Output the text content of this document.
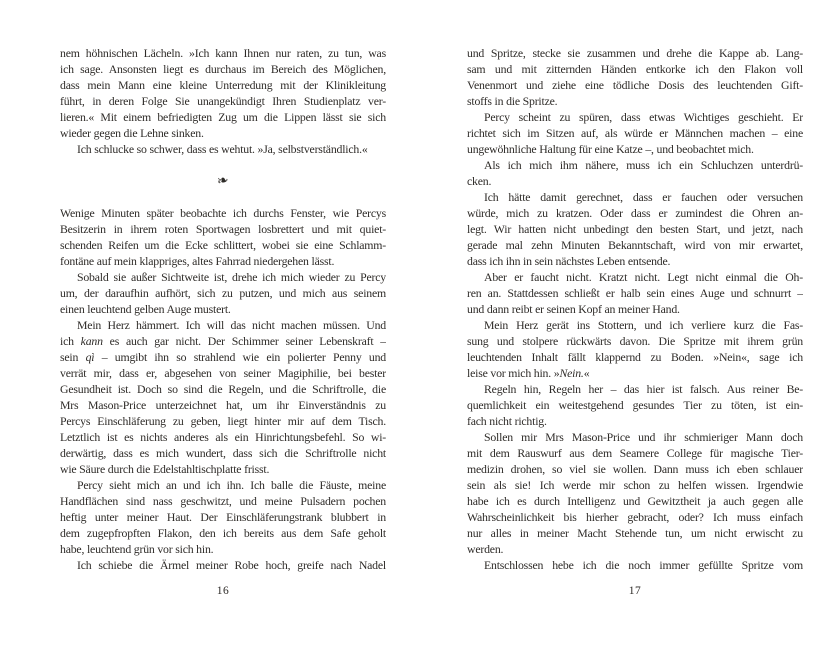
nem höhnischen Lächeln. »Ich kann Ihnen nur raten, zu tun, was
ich sage. Ansonsten liegt es durchaus im Bereich des Möglichen,
dass mein Mann eine kleine Unterredung mit der Klinikleitung
führt, in deren Folge Sie unangekündigt Ihren Studienplatz ver-
lieren.« Mit einem befriedigten Zug um die Lippen lässt sie sich
wieder gegen die Lehne sinken.
Ich schlucke so schwer, dass es wehtut. »Ja, selbstverständlich.«
❧
Wenige Minuten später beobachte ich durchs Fenster, wie Percys
Besitzerin in ihrem roten Sportwagen losbrettert und mit quiet-
schenden Reifen um die Ecke schlittert, wobei sie eine Schlamm-
fontäne auf mein klappriges, altes Fahrrad niedergehen lässt.
Sobald sie außer Sichtweite ist, drehe ich mich wieder zu Percy
um, der daraufhin aufhört, sich zu putzen, und mich aus seinem
einen leuchtend gelben Auge mustert.
Mein Herz hämmert. Ich will das nicht machen müssen. Und
ich kann es auch gar nicht. Der Schimmer seiner Lebenskraft –
sein qì – umgibt ihn so strahlend wie ein polierter Penny und
verrät mir, dass er, abgesehen von seiner Magiphilie, bei bester
Gesundheit ist. Doch so sind die Regeln, und die Schriftrolle, die
Mrs Mason-Price unterzeichnet hat, um ihr Einverständnis zu
Percys Einschläferung zu geben, liegt hinter mir auf dem Tisch.
Letztlich ist es nichts anderes als ein Hinrichtungsbefehl. So wi-
derwärtig, dass es mich wundert, dass sich die Schriftrolle nicht
wie Säure durch die Edelstahltischplatte frisst.
Percy sieht mich an und ich ihn. Ich balle die Fäuste, meine
Handflächen sind nass geschwitzt, und meine Pulsadern pochen
heftig unter meiner Haut. Der Einschläferungstrank blubbert in
dem zugepfropften Flakon, den ich bereits aus dem Safe geholt
habe, leuchtend grün vor sich hin.
Ich schiebe die Ärmel meiner Robe hoch, greife nach Nadel
16
und Spritze, stecke sie zusammen und drehe die Kappe ab. Lang-
sam und mit zitternden Händen entkorke ich den Flakon voll
Venenmort und ziehe eine tödliche Dosis des leuchtenden Gift-
stoffs in die Spritze.
Percy scheint zu spüren, dass etwas Wichtiges geschieht. Er
richtet sich im Sitzen auf, als würde er Männchen machen – eine
ungewöhnliche Haltung für eine Katze –, und beobachtet mich.
Als ich mich ihm nähere, muss ich ein Schluchzen unterdrü-
cken.
Ich hätte damit gerechnet, dass er fauchen oder versuchen
würde, mich zu kratzen. Oder dass er zumindest die Ohren an-
legt. Wir hatten nicht unbedingt den besten Start, und jetzt, nach
gerade mal zehn Minuten Bekanntschaft, wird von mir erwartet,
dass ich ihn in sein nächstes Leben entsende.
Aber er faucht nicht. Kratzt nicht. Legt nicht einmal die Oh-
ren an. Stattdessen schließt er halb sein eines Auge und schnurrt –
und dann reibt er seinen Kopf an meiner Hand.
Mein Herz gerät ins Stottern, und ich verliere kurz die Fas-
sung und stolpere rückwärts davon. Die Spritze mit ihrem grün
leuchtenden Inhalt fällt klappernd zu Boden. »Nein«, sage ich
leise vor mich hin. »Nein.«
Regeln hin, Regeln her – das hier ist falsch. Aus reiner Be-
quemlichkeit ein weitestgehend gesundes Tier zu töten, ist ein-
fach nicht richtig.
Sollen mir Mrs Mason-Price und ihr schmieriger Mann doch
mit dem Rauswurf aus dem Seamere College für magische Tier-
medizin drohen, so viel sie wollen. Dann muss ich eben schlauer
sein als sie! Ich werde mir schon zu helfen wissen. Irgendwie
habe ich es durch Intelligenz und Gewitztheit ja auch gegen alle
Wahrscheinlichkeit bis hierher gebracht, oder? Ich muss einfach
nur alles in meiner Macht Stehende tun, um nicht erwischt zu
werden.
Entschlossen hebe ich die noch immer gefüllte Spritze vom
17
